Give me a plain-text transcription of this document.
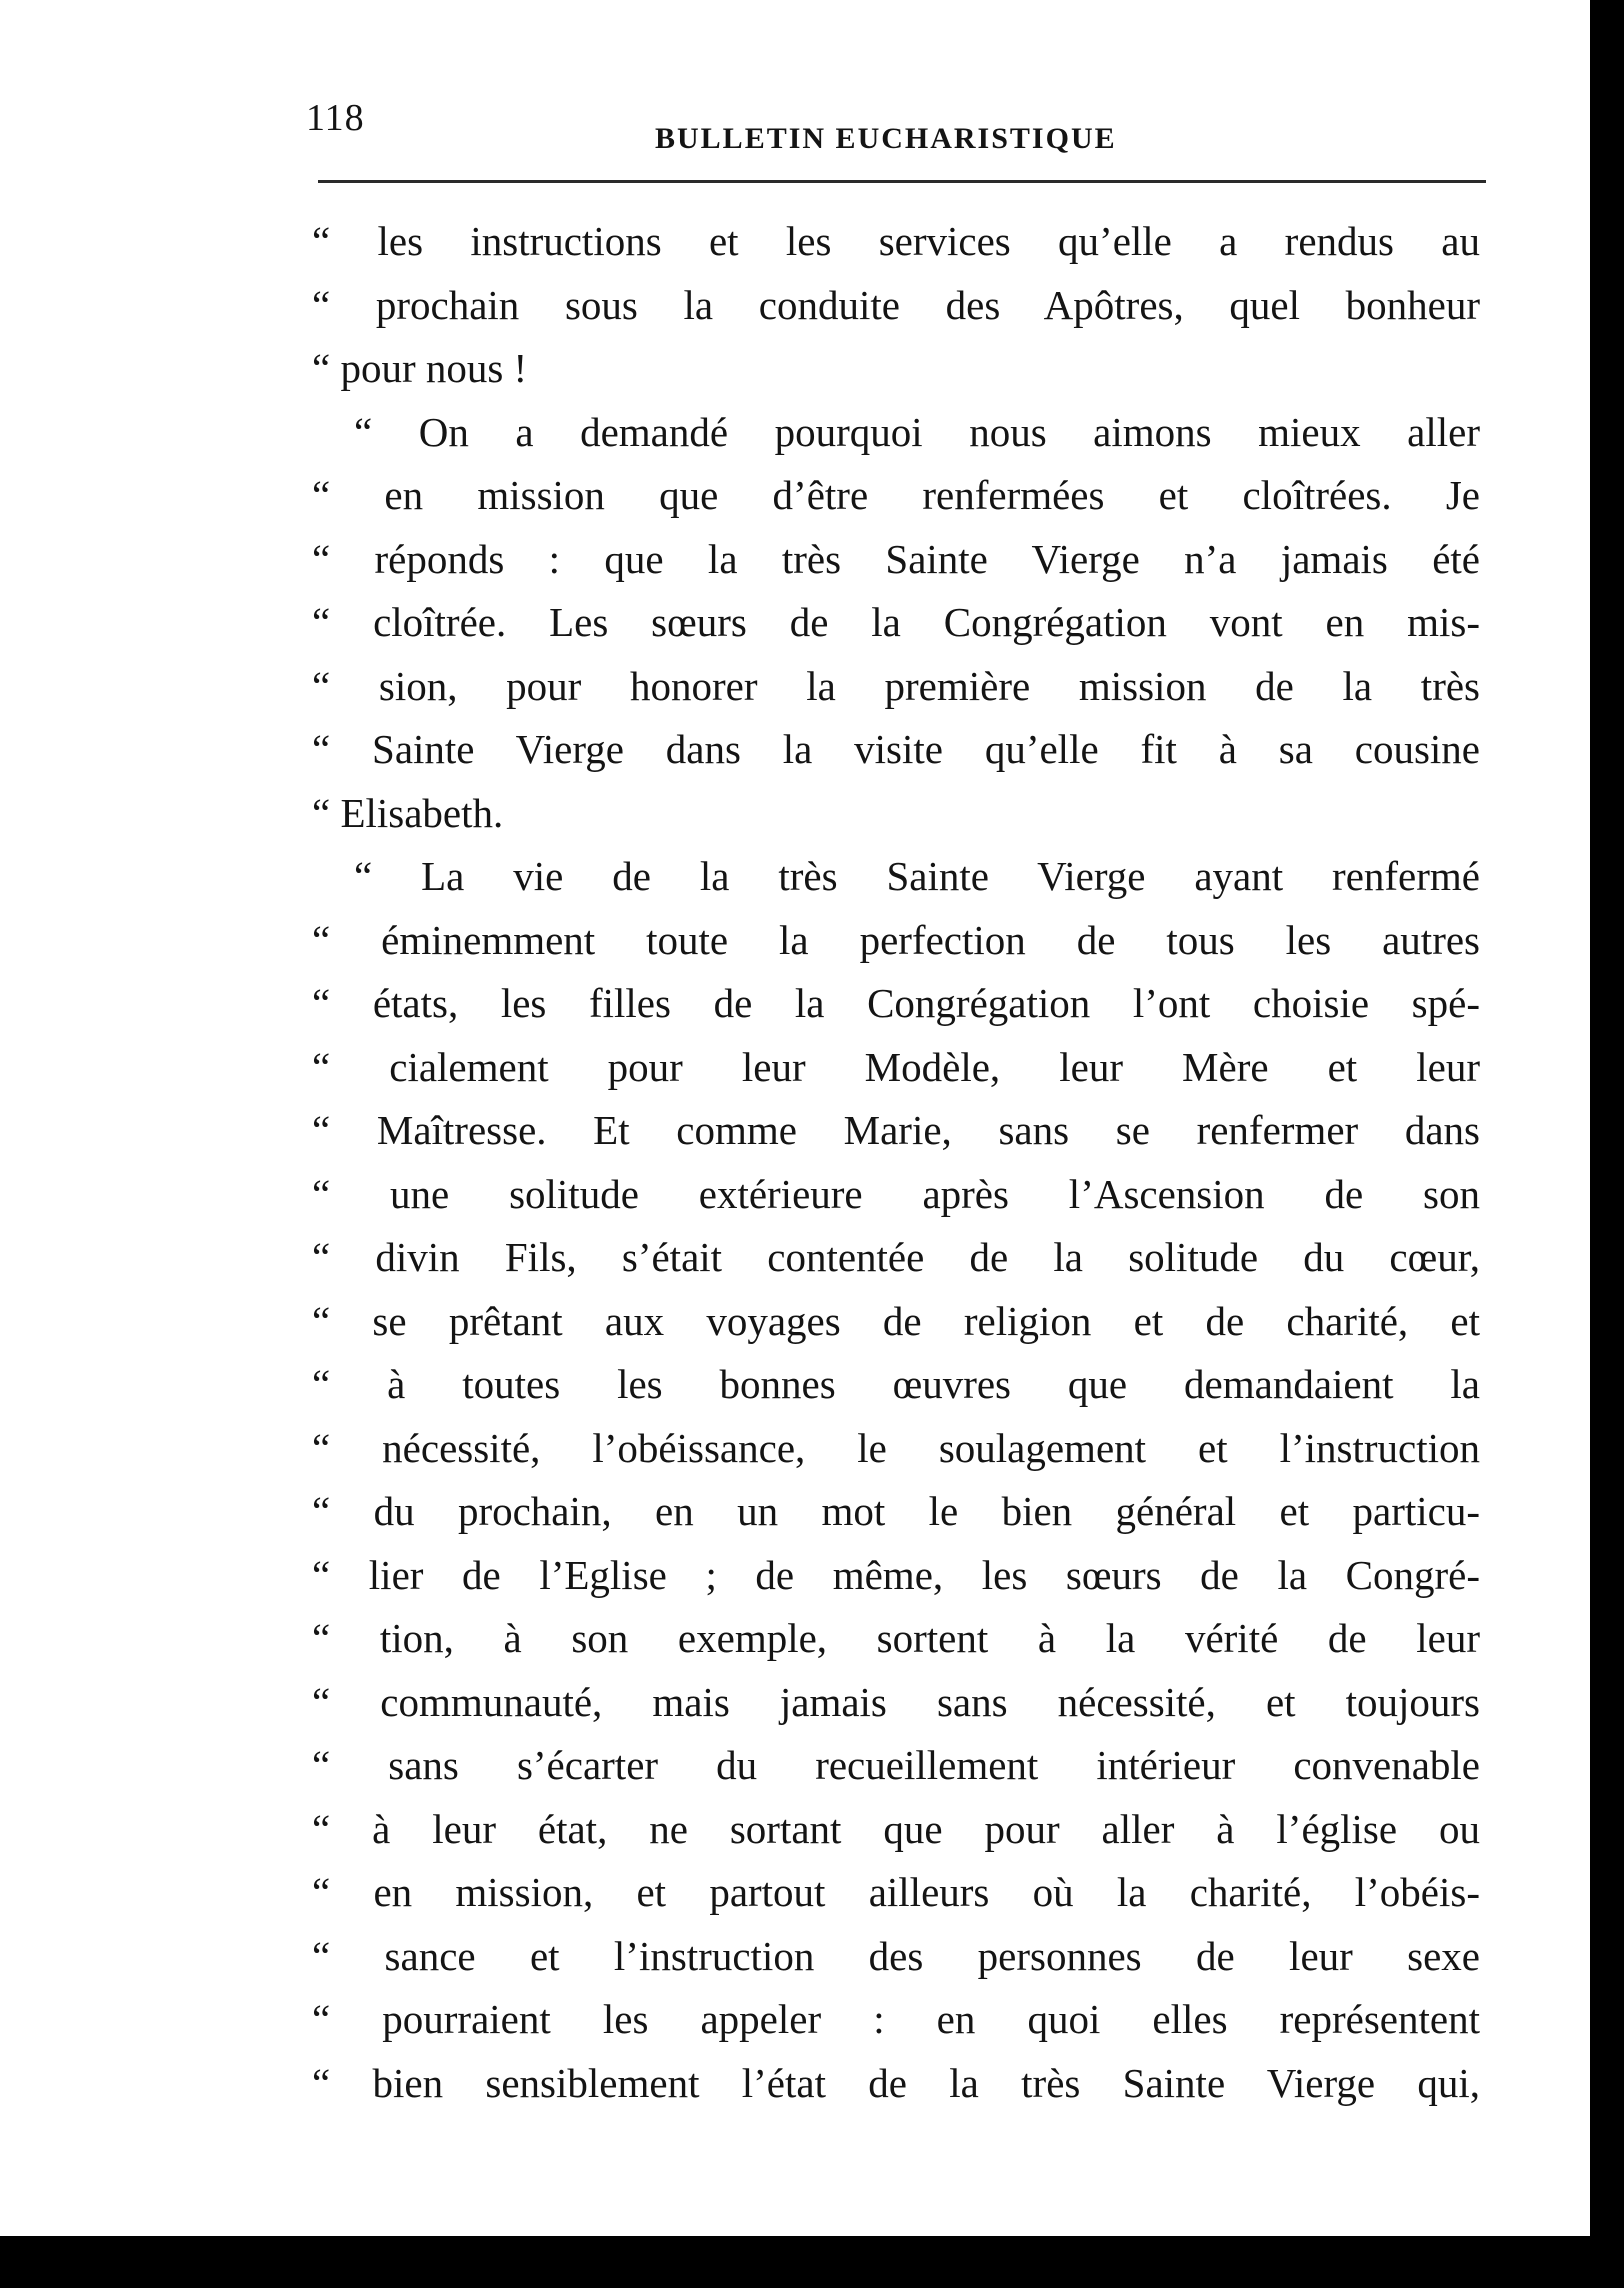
118	BULLETIN EUCHARISTIQUE
“ les instructions et les services qu’elle a rendus au
“ prochain sous la conduite des Apôtres, quel bonheur
“ pour nous !
“ On a demandé pourquoi nous aimons mieux aller
“ en mission que d’être renfermées et cloîtrées. Je
“ réponds : que la très Sainte Vierge n’a jamais été
“ cloîtrée. Les sœurs de la Congrégation vont en mis-
“ sion, pour honorer la première mission de la très
“ Sainte Vierge dans la visite qu’elle fit à sa cousine
“ Elisabeth.
“ La vie de la très Sainte Vierge ayant renfermé
“ éminemment toute la perfection de tous les autres
“ états, les filles de la Congrégation l’ont choisie spé-
“ cialement pour leur Modèle, leur Mère et leur
“ Maîtresse. Et comme Marie, sans se renfermer dans
“ une solitude extérieure après l’Ascension de son
“ divin Fils, s’était contentée de la solitude du cœur,
“ se prêtant aux voyages de religion et de charité, et
“ à toutes les bonnes œuvres que demandaient la
“ nécessité, l’obéissance, le soulagement et l’instruction
“ du prochain, en un mot le bien général et particu-
“ lier de l’Eglise ; de même, les sœurs de la Congré-
“ tion, à son exemple, sortent à la vérité de leur
“ communauté, mais jamais sans nécessité, et toujours
“ sans s’écarter du recueillement intérieur convenable
“ à leur état, ne sortant que pour aller à l’église ou
“ en mission, et partout ailleurs où la charité, l’obéis-
“ sance et l’instruction des personnes de leur sexe
“ pourraient les appeler : en quoi elles représentent
“ bien sensiblement l’état de la très Sainte Vierge qui,
